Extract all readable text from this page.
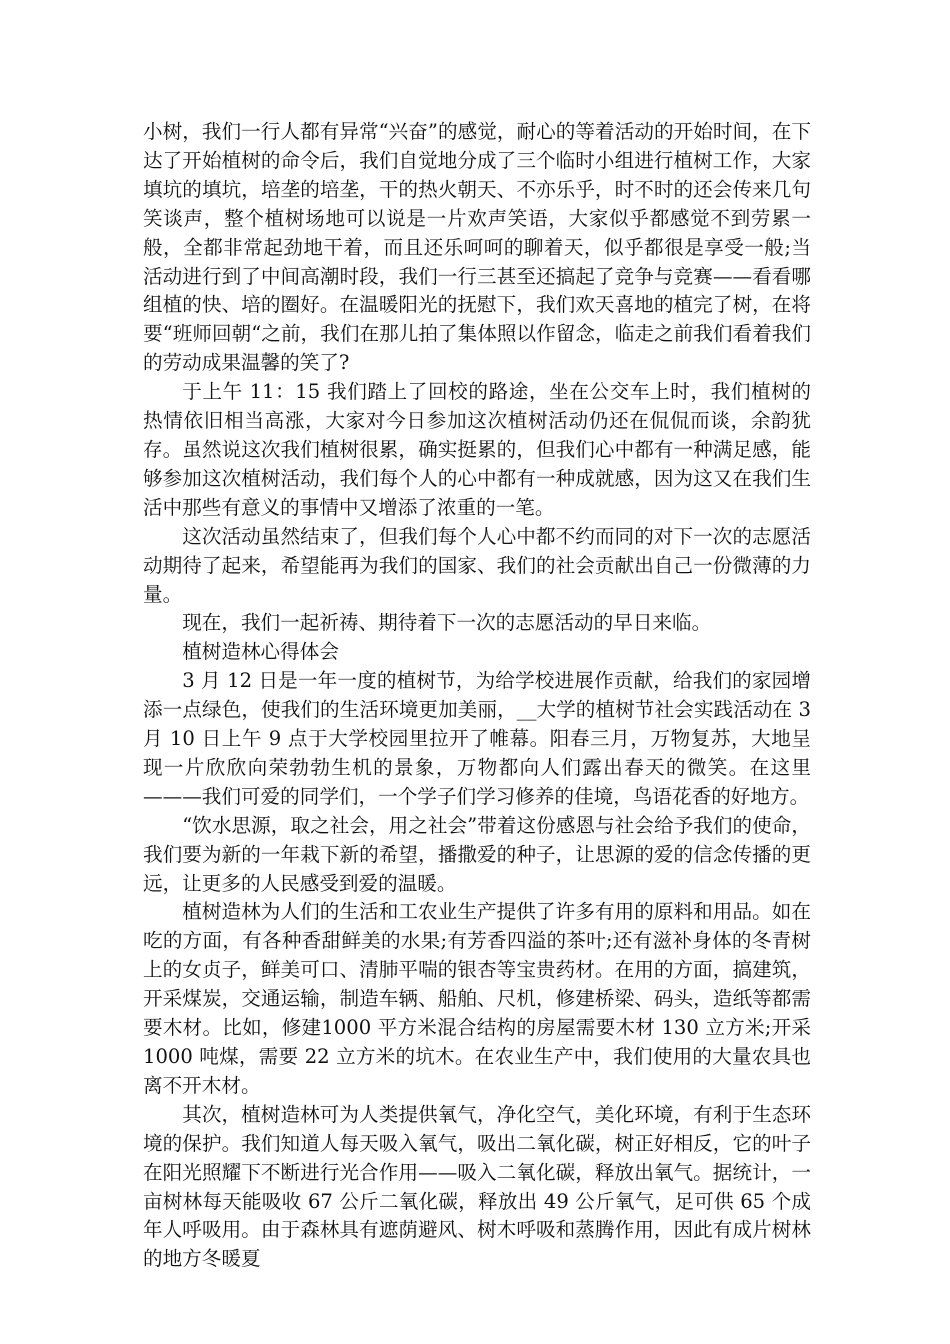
小树，我们一行人都有异常“兴奋”的感觉，耐心的等着活动的开始时间，在下达了开始植树的命令后，我们自觉地分成了三个临时小组进行植树工作，大家填坑的填坑，培垄的培垄，干的热火朝天、不亦乐乎，时不时的还会传来几句笑谈声，整个植树场地可以说是一片欢声笑语，大家似乎都感觉不到劳累一般，全都非常起劲地干着，而且还乐呵呵的聊着天，似乎都很是享受一般;当活动进行到了中间高潮时段，我们一行三甚至还搞起了竞争与竞赛——看看哪组植的快、培的圈好。在温暖阳光的抚慰下，我们欢天喜地的植完了树，在将要“班师回朝“之前，我们在那儿拍了集体照以作留念，临走之前我们看着我们的劳动成果温馨的笑了?

于上午 11：15 我们踏上了回校的路途，坐在公交车上时，我们植树的热情依旧相当高涨，大家对今日参加这次植树活动仍还在侃侃而谈，余韵犹存。虽然说这次我们植树很累，确实挺累的，但我们心中都有一种满足感，能够参加这次植树活动，我们每个人的心中都有一种成就感，因为这又在我们生活中那些有意义的事情中又增添了浓重的一笔。

这次活动虽然结束了，但我们每个人心中都不约而同的对下一次的志愿活动期待了起来，希望能再为我们的国家、我们的社会贡献出自己一份微薄的力量。

现在，我们一起祈祷、期待着下一次的志愿活动的早日来临。

植树造林心得体会

3 月 12 日是一年一度的植树节，为给学校进展作贡献，给我们的家园增添一点绿色，使我们的生活环境更加美丽，__大学的植树节社会实践活动在 3 月 10 日上午 9 点于大学校园里拉开了帷幕。阳春三月，万物复苏，大地呈现一片欣欣向荣勃勃生机的景象，万物都向人们露出春天的微笑。在这里———我们可爱的同学们，一个学子们学习修养的佳境，鸟语花香的好地方。

“饮水思源，取之社会，用之社会”带着这份感恩与社会给予我们的使命，我们要为新的一年栽下新的希望，播撒爱的种子，让思源的爱的信念传播的更远，让更多的人民感受到爱的温暖。

植树造林为人们的生活和工农业生产提供了许多有用的原料和用品。如在吃的方面，有各种香甜鲜美的水果;有芳香四溢的茶叶;还有滋补身体的冬青树上的女贞子，鲜美可口、清肺平喘的银杏等宝贵药材。在用的方面，搞建筑，开采煤炭，交通运输，制造车辆、船舶、尺机，修建桥梁、码头，造纸等都需要木材。比如，修建1000 平方米混合结构的房屋需要木材 130 立方米;开采 1000 吨煤，需要 22 立方米的坑木。在农业生产中，我们使用的大量农具也离不开木材。

其次，植树造林可为人类提供氧气，净化空气，美化环境，有利于生态环境的保护。我们知道人每天吸入氧气，吸出二氧化碳，树正好相反，它的叶子在阳光照耀下不断进行光合作用——吸入二氧化碳，释放出氧气。据统计，一亩树林每天能吸收 67 公斤二氧化碳，释放出 49 公斤氧气，足可供 65 个成年人呼吸用。由于森林具有遮荫避风、树木呼吸和蒸腾作用，因此有成片树林的地方冬暖夏
